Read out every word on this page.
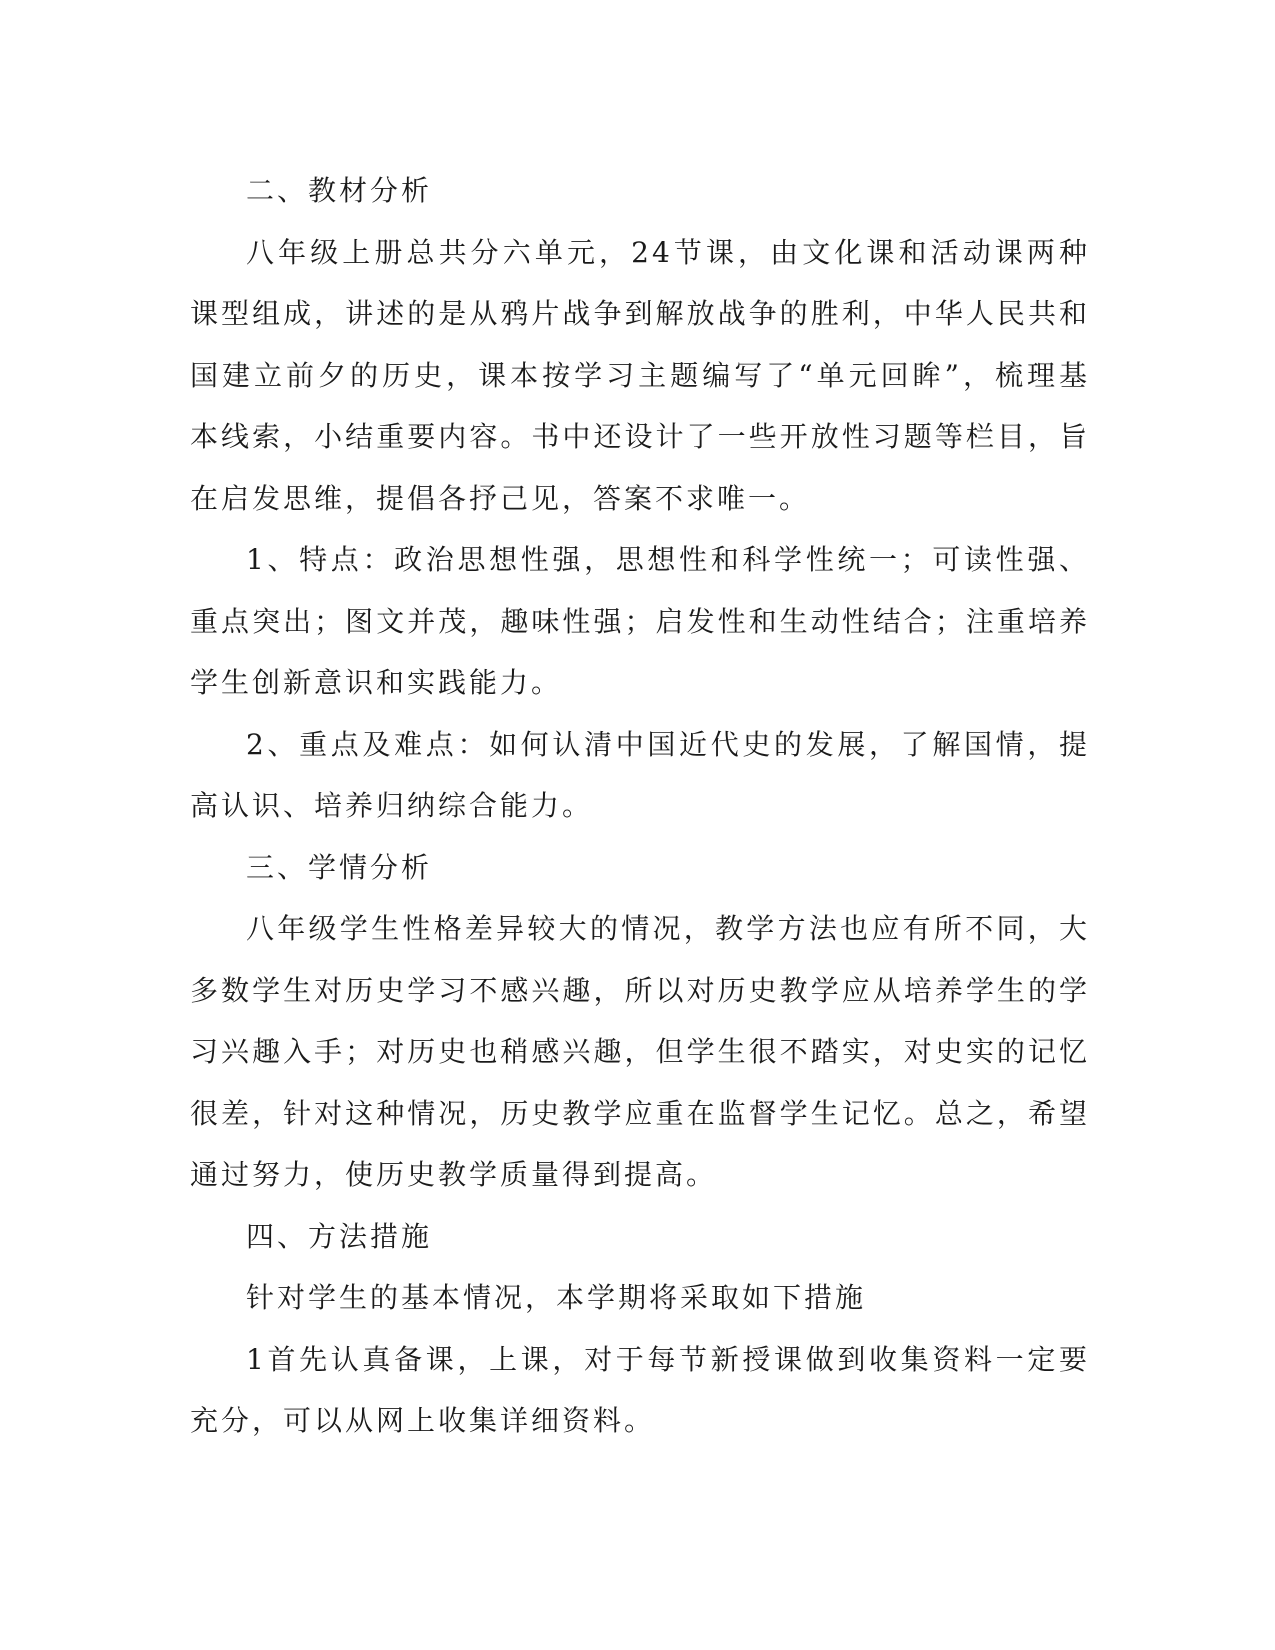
二、教材分析

八年级上册总共分六单元，24节课，由文化课和活动课两种课型组成，讲述的是从鸦片战争到解放战争的胜利，中华人民共和国建立前夕的历史，课本按学习主题编写了“单元回眸”，梳理基本线索，小结重要内容。书中还设计了一些开放性习题等栏目，旨在启发思维，提倡各抒己见，答案不求唯一。

1、特点：政治思想性强，思想性和科学性统一；可读性强、重点突出；图文并茂，趣味性强；启发性和生动性结合；注重培养学生创新意识和实践能力。

2、重点及难点：如何认清中国近代史的发展，了解国情，提高认识、培养归纳综合能力。

三、学情分析

八年级学生性格差异较大的情况，教学方法也应有所不同，大多数学生对历史学习不感兴趣，所以对历史教学应从培养学生的学习兴趣入手；对历史也稍感兴趣，但学生很不踏实，对史实的记忆很差，针对这种情况，历史教学应重在监督学生记忆。总之，希望通过努力，使历史教学质量得到提高。

四、方法措施

针对学生的基本情况，本学期将采取如下措施

1首先认真备课，上课，对于每节新授课做到收集资料一定要充分，可以从网上收集详细资料。
